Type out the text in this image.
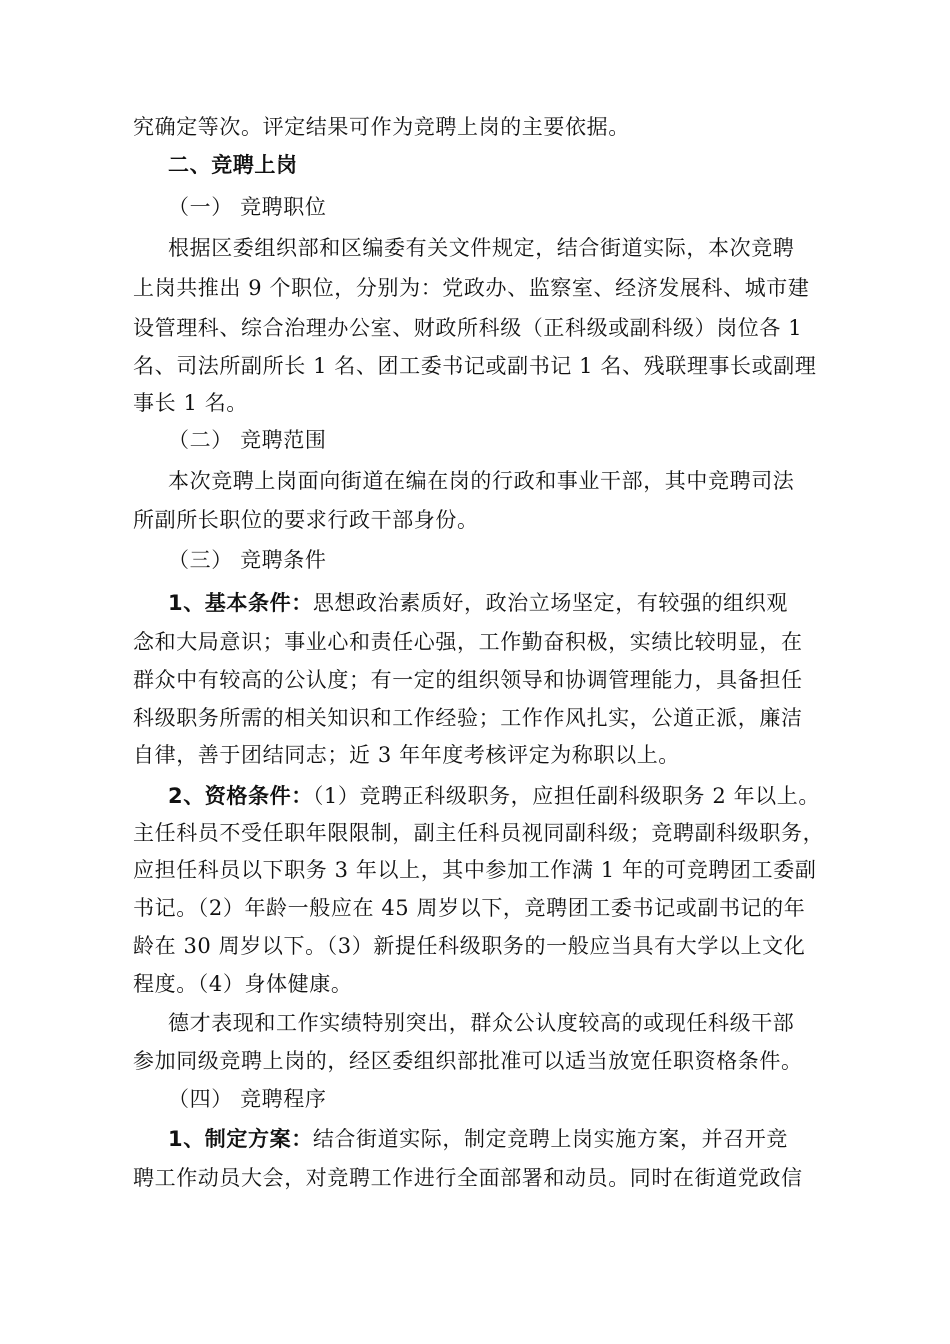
究确定等次。评定结果可作为竞聘上岗的主要依据。
二、竞聘上岗
（一） 竞聘职位
根据区委组织部和区编委有关文件规定，结合街道实际，本次竞聘
上岗共推出 9 个职位，分别为：党政办、监察室、经济发展科、城市建
设管理科、综合治理办公室、财政所科级（正科级或副科级）岗位各 1
名、司法所副所长 1 名、团工委书记或副书记 1 名、残联理事长或副理
事长 1 名。
（二） 竞聘范围
本次竞聘上岗面向街道在编在岗的行政和事业干部，其中竞聘司法
所副所长职位的要求行政干部身份。
（三） 竞聘条件
1、基本条件：思想政治素质好，政治立场坚定，有较强的组织观
念和大局意识；事业心和责任心强，工作勤奋积极，实绩比较明显，在
群众中有较高的公认度；有一定的组织领导和协调管理能力，具备担任
科级职务所需的相关知识和工作经验；工作作风扎实，公道正派，廉洁
自律，善于团结同志；近 3 年年度考核评定为称职以上。
2、资格条件：（1）竞聘正科级职务，应担任副科级职务 2 年以上。
主任科员不受任职年限限制，副主任科员视同副科级；竞聘副科级职务，
应担任科员以下职务 3 年以上，其中参加工作满 1 年的可竞聘团工委副
书记。（2）年龄一般应在 45 周岁以下，竞聘团工委书记或副书记的年
龄在 30 周岁以下。（3）新提任科级职务的一般应当具有大学以上文化
程度。（4）身体健康。
德才表现和工作实绩特别突出，群众公认度较高的或现任科级干部
参加同级竞聘上岗的，经区委组织部批准可以适当放宽任职资格条件。
（四） 竞聘程序
1、制定方案：结合街道实际，制定竞聘上岗实施方案，并召开竞
聘工作动员大会，对竞聘工作进行全面部署和动员。同时在街道党政信
